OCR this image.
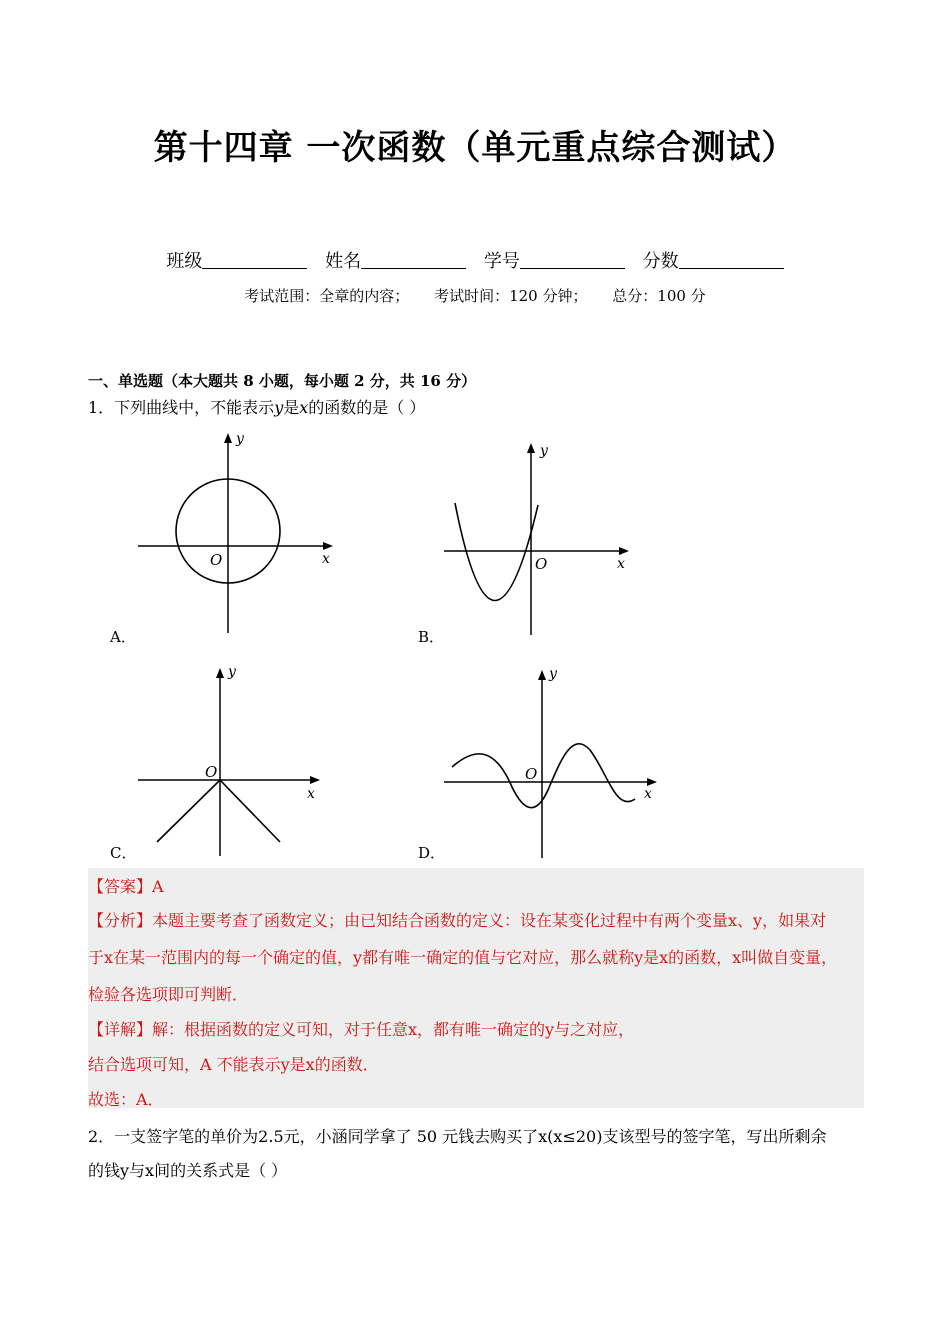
第十四章 一次函数（单元重点综合测试）
班级	姓名	学号	分数
考试范围：全章的内容； 考试时间：120 分钟； 总分：100 分
一、单选题（本大题共 8 小题，每小题 2 分，共 16 分）
1．下列曲线中，不能表示y是x的函数的是（ ）
y
x
O
A．
y
x
O
B．
y
x
O
C．
y
x
O
D．
【答案】A
【分析】本题主要考查了函数定义；由已知结合函数的定义：设在某变化过程中有两个变量x、y，如果对
于x在某一范围内的每一个确定的值，y都有唯一确定的值与它对应，那么就称y是x的函数，x叫做自变量，
检验各选项即可判断．
【详解】解：根据函数的定义可知，对于任意x，都有唯一确定的y与之对应，
结合选项可知，A 不能表示y是x的函数．
故选：A．
2．一支签字笔的单价为2.5元，小涵同学拿了 50 元钱去购买了x(x≤20)支该型号的签字笔，写出所剩余
的钱y与x间的关系式是（ ）
